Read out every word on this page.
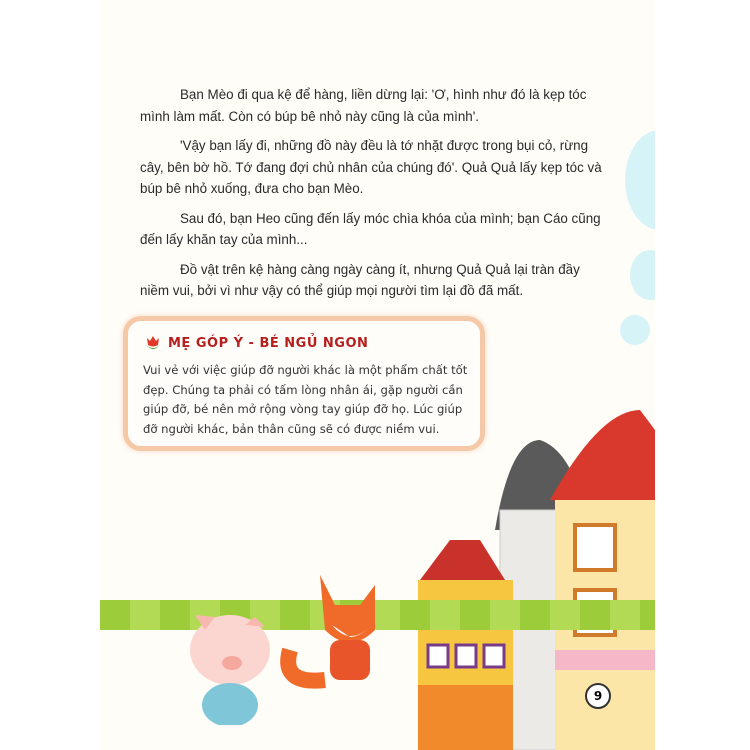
Bạn Mèo đi qua kệ để hàng, liền dừng lại: 'Ơ, hình như đó là kẹp tóc mình làm mất. Còn có búp bê nhỏ này cũng là của mình'.

'Vậy bạn lấy đi, những đồ này đều là tớ nhặt được trong bụi cỏ, rừng cây, bên bờ hồ. Tớ đang đợi chủ nhân của chúng đó'. Quả Quả lấy kẹp tóc và búp bê nhỏ xuống, đưa cho bạn Mèo.

Sau đó, bạn Heo cũng đến lấy móc chìa khóa của mình; bạn Cáo cũng đến lấy khăn tay của mình...

Đồ vật trên kệ hàng càng ngày càng ít, nhưng Quả Quả lại tràn đầy niềm vui, bởi vì như vậy có thể giúp mọi người tìm lại đồ đã mất.

MẸ GÓP Ý - BÉ NGỦ NGON
Vui vẻ với việc giúp đỡ người khác là một phẩm chất tốt đẹp. Chúng ta phải có tấm lòng nhân ái, gặp người cần giúp đỡ, bé nên mở rộng vòng tay giúp đỡ họ. Lúc giúp đỡ người khác, bản thân cũng sẽ có được niềm vui.
9
